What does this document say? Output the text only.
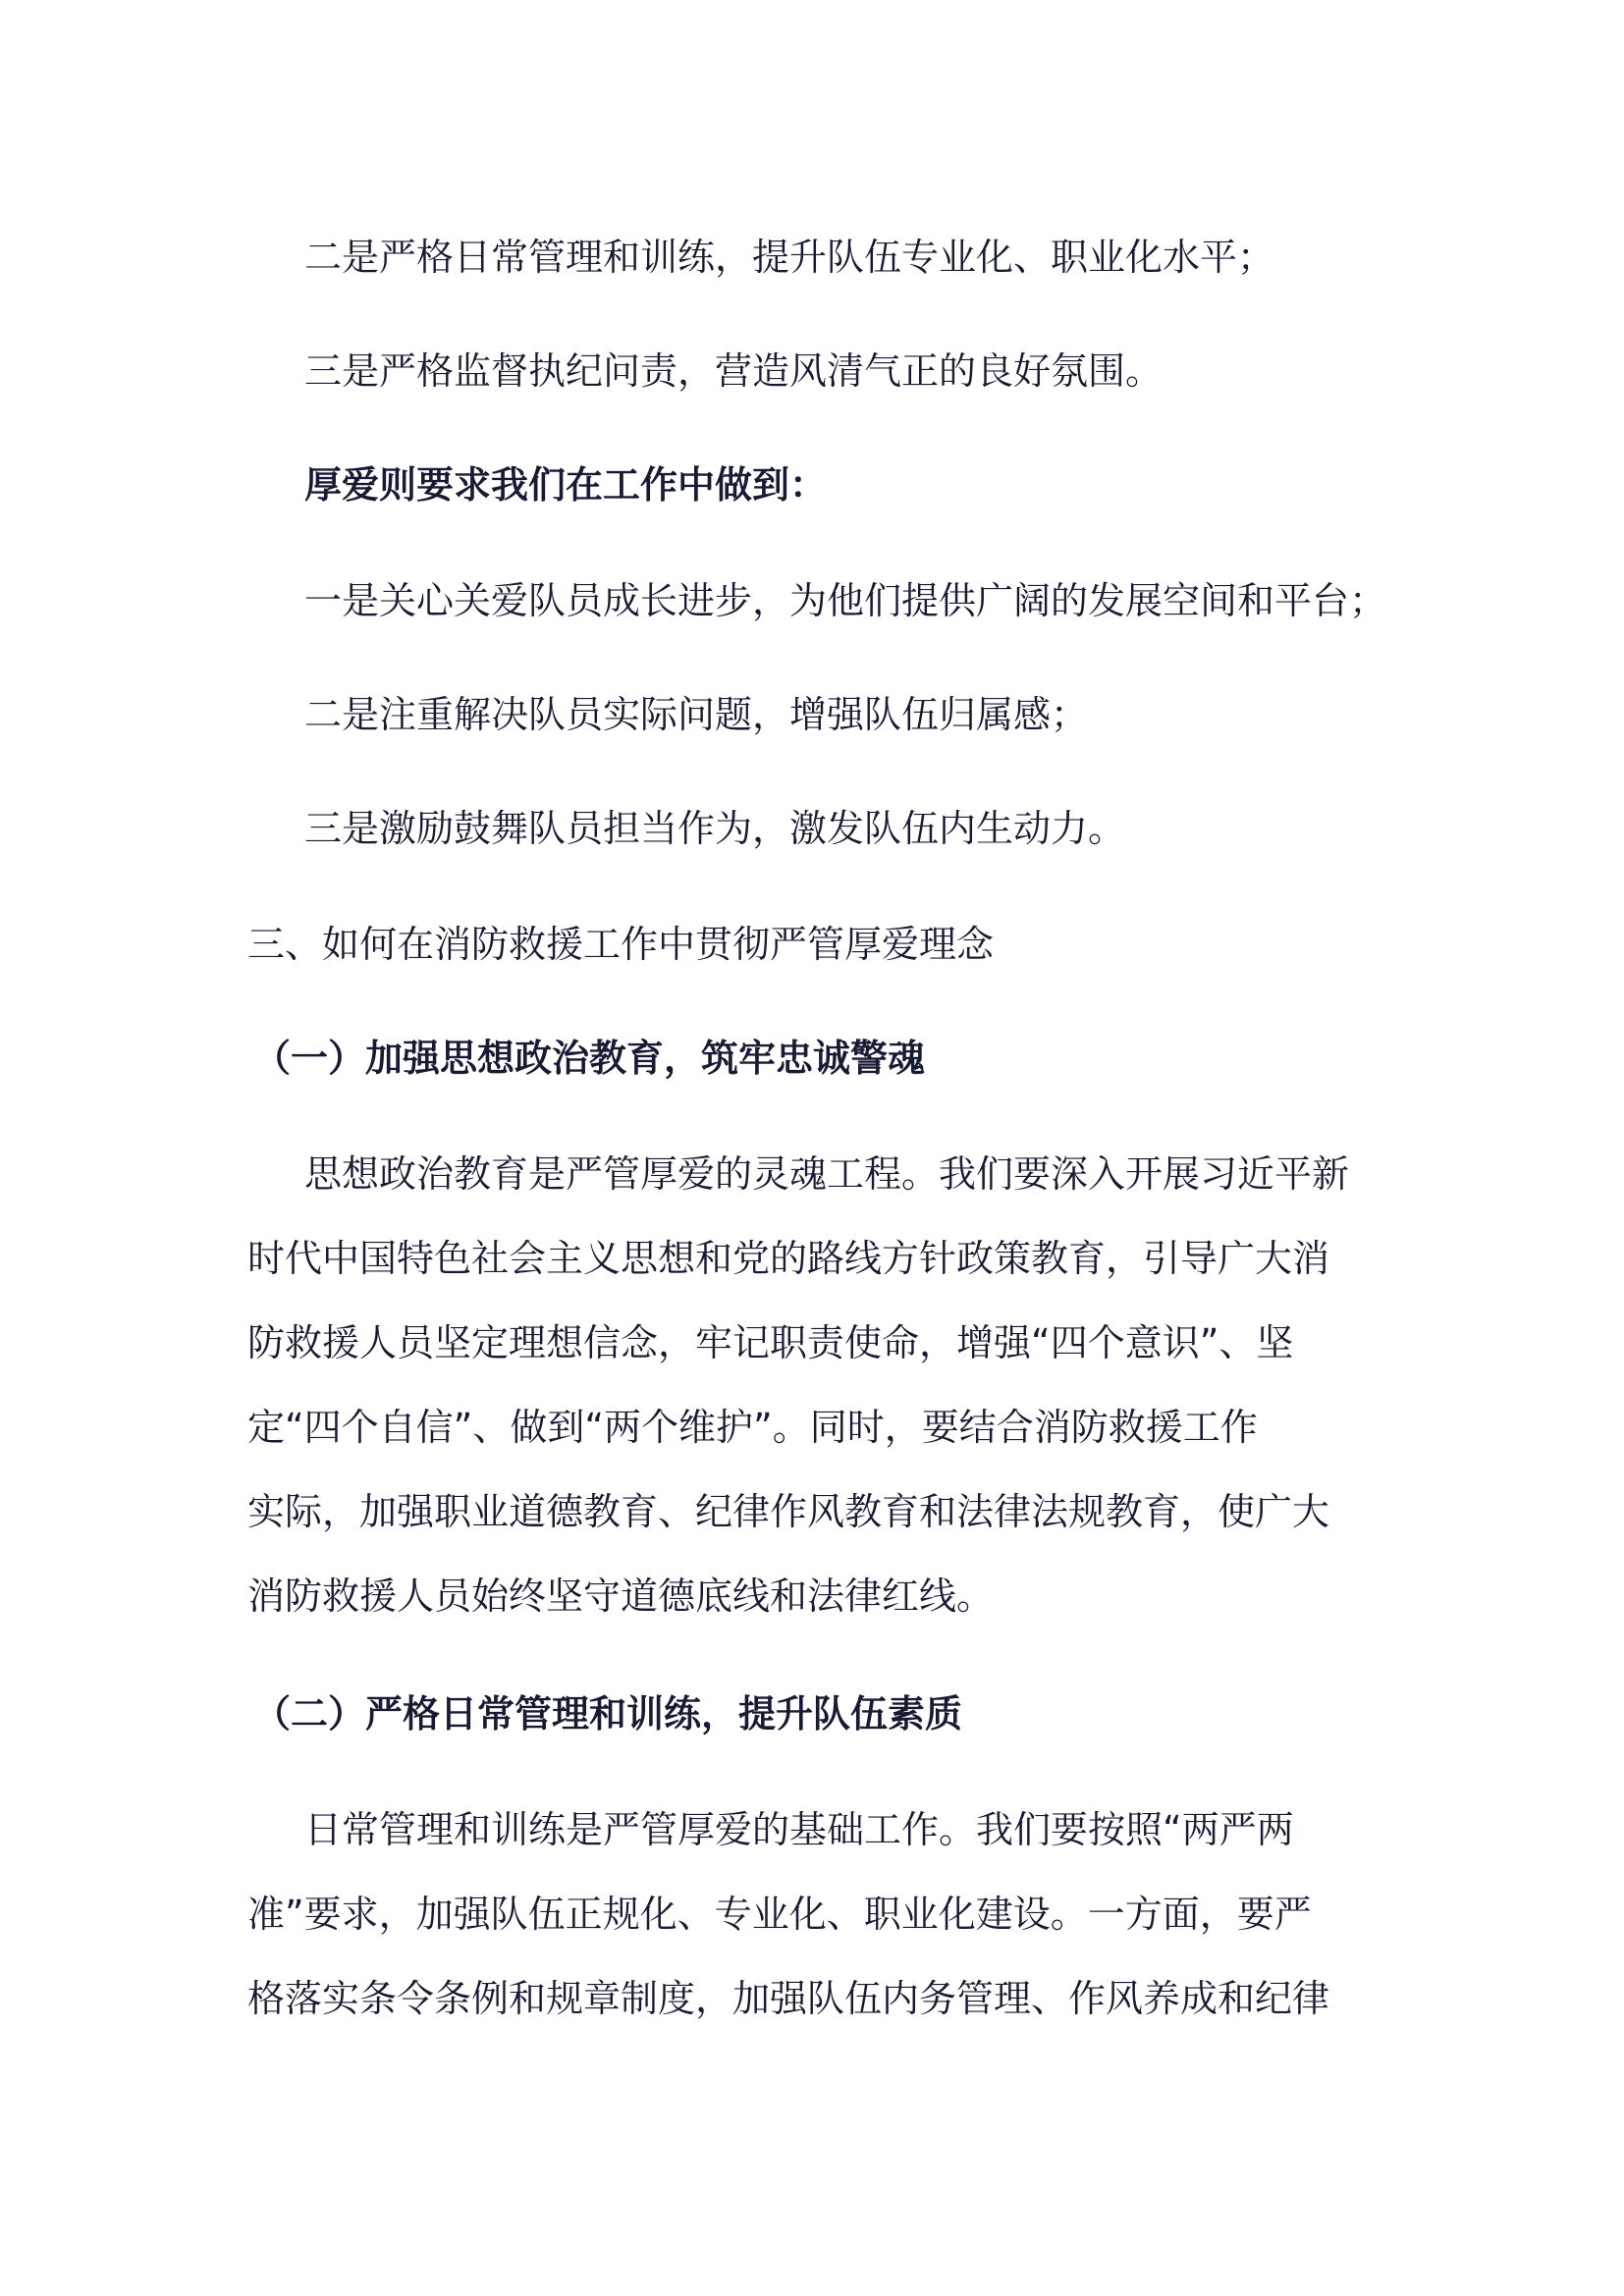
二是严格日常管理和训练，提升队伍专业化、职业化水平；

三是严格监督执纪问责，营造风清气正的良好氛围。

厚爱则要求我们在工作中做到：

一是关心关爱队员成长进步，为他们提供广阔的发展空间和平台；

二是注重解决队员实际问题，增强队伍归属感；

三是激励鼓舞队员担当作为，激发队伍内生动力。

三、如何在消防救援工作中贯彻严管厚爱理念

（一）加强思想政治教育，筑牢忠诚警魂

思想政治教育是严管厚爱的灵魂工程。我们要深入开展习近平新

时代中国特色社会主义思想和党的路线方针政策教育，引导广大消

防救援人员坚定理想信念，牢记职责使命，增强“四个意识”、坚

定“四个自信”、做到“两个维护”。同时，要结合消防救援工作

实际，加强职业道德教育、纪律作风教育和法律法规教育，使广大

消防救援人员始终坚守道德底线和法律红线。

（二）严格日常管理和训练，提升队伍素质

日常管理和训练是严管厚爱的基础工作。我们要按照“两严两

准”要求，加强队伍正规化、专业化、职业化建设。一方面，要严

格落实条令条例和规章制度，加强队伍内务管理、作风养成和纪律
